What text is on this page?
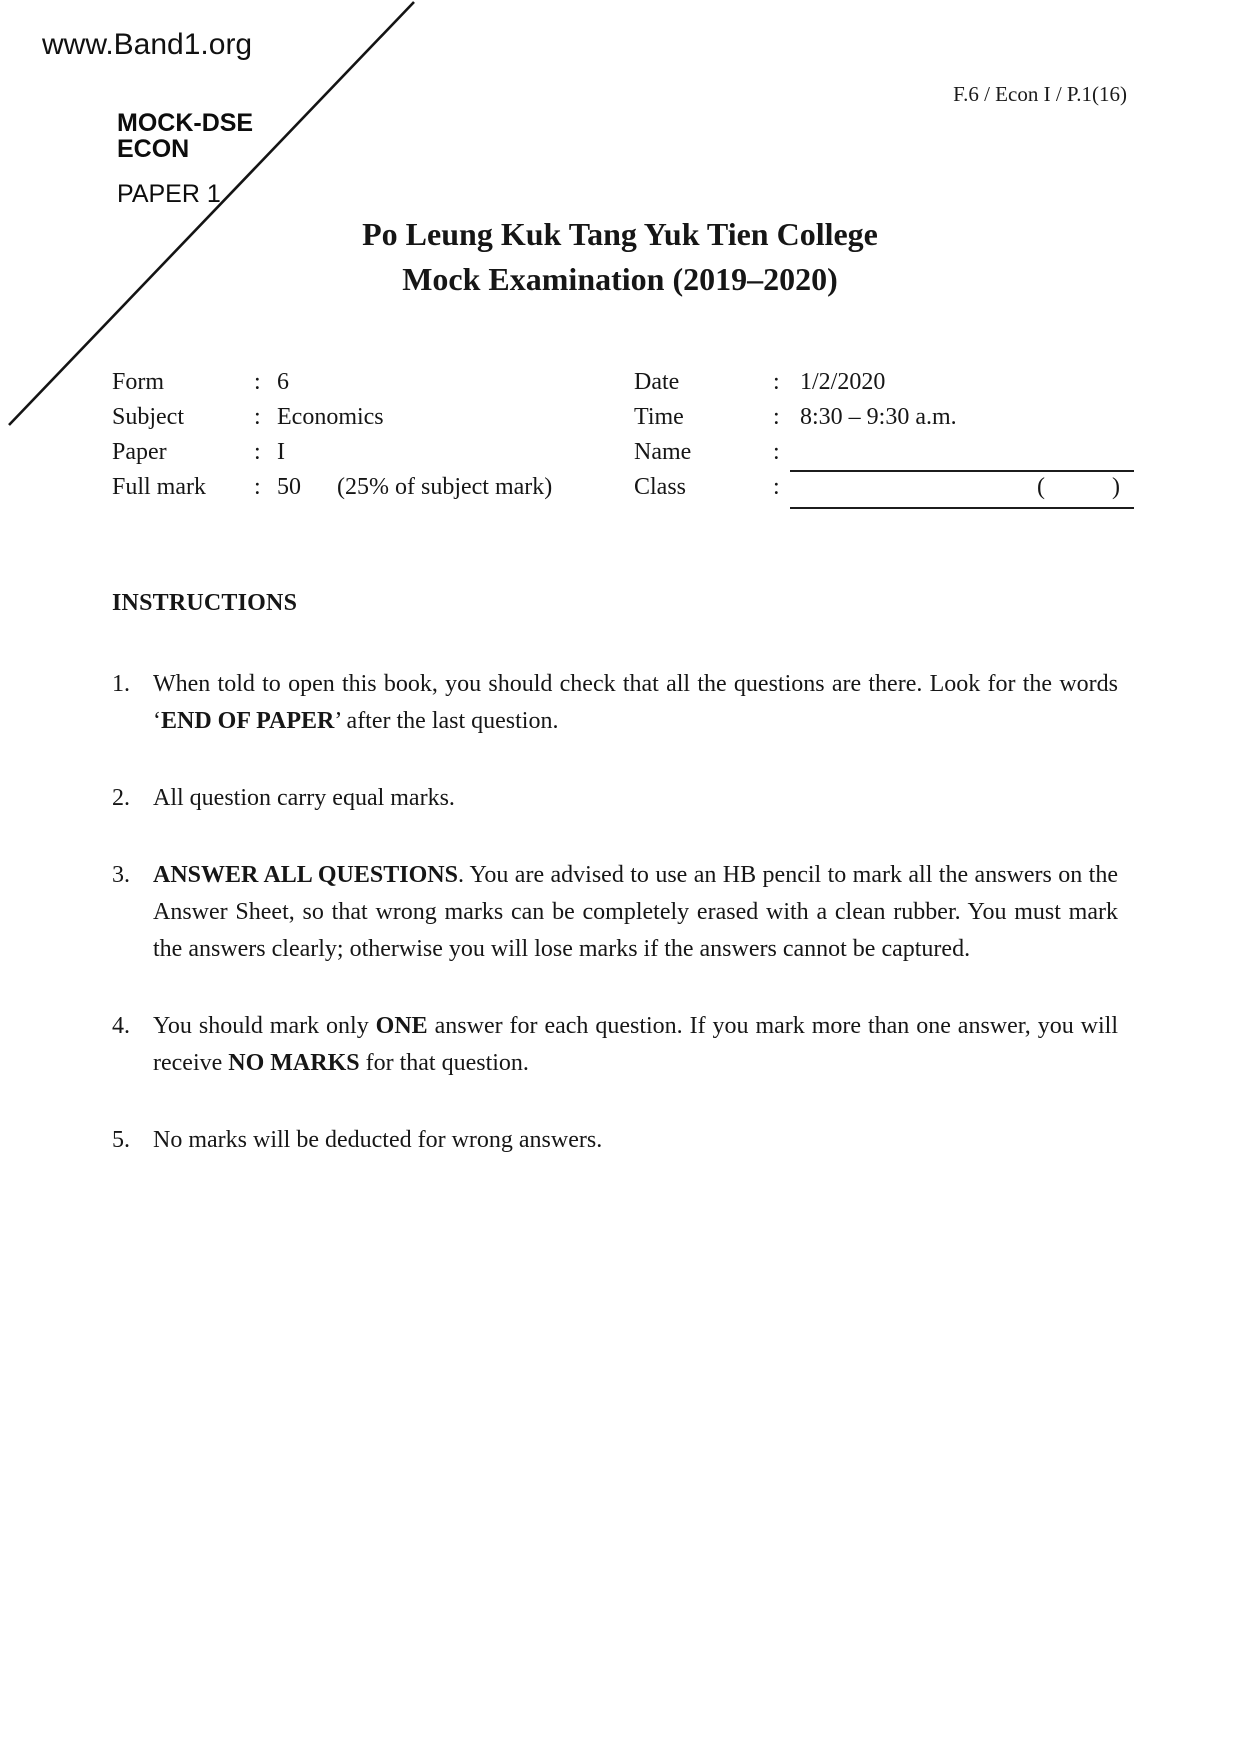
www.Band1.org
MOCK-DSE
ECON
PAPER 1
F.6 / Econ I / P.1(16)
Po Leung Kuk Tang Yuk Tien College
Mock Examination (2019–2020)
Form	: 6	Date	: 1/2/2020
Subject	: Economics	Time	: 8:30 – 9:30 a.m.
Paper	: I	Name	:
Full mark : 50 (25% of subject mark)	Class	:	(	)
INSTRUCTIONS
1. When told to open this book, you should check that all the questions are there. Look for the words ‘END OF PAPER’ after the last question.
2. All question carry equal marks.
3. ANSWER ALL QUESTIONS. You are advised to use an HB pencil to mark all the answers on the Answer Sheet, so that wrong marks can be completely erased with a clean rubber. You must mark the answers clearly; otherwise you will lose marks if the answers cannot be captured.
4. You should mark only ONE answer for each question. If you mark more than one answer, you will receive NO MARKS for that question.
5. No marks will be deducted for wrong answers.
